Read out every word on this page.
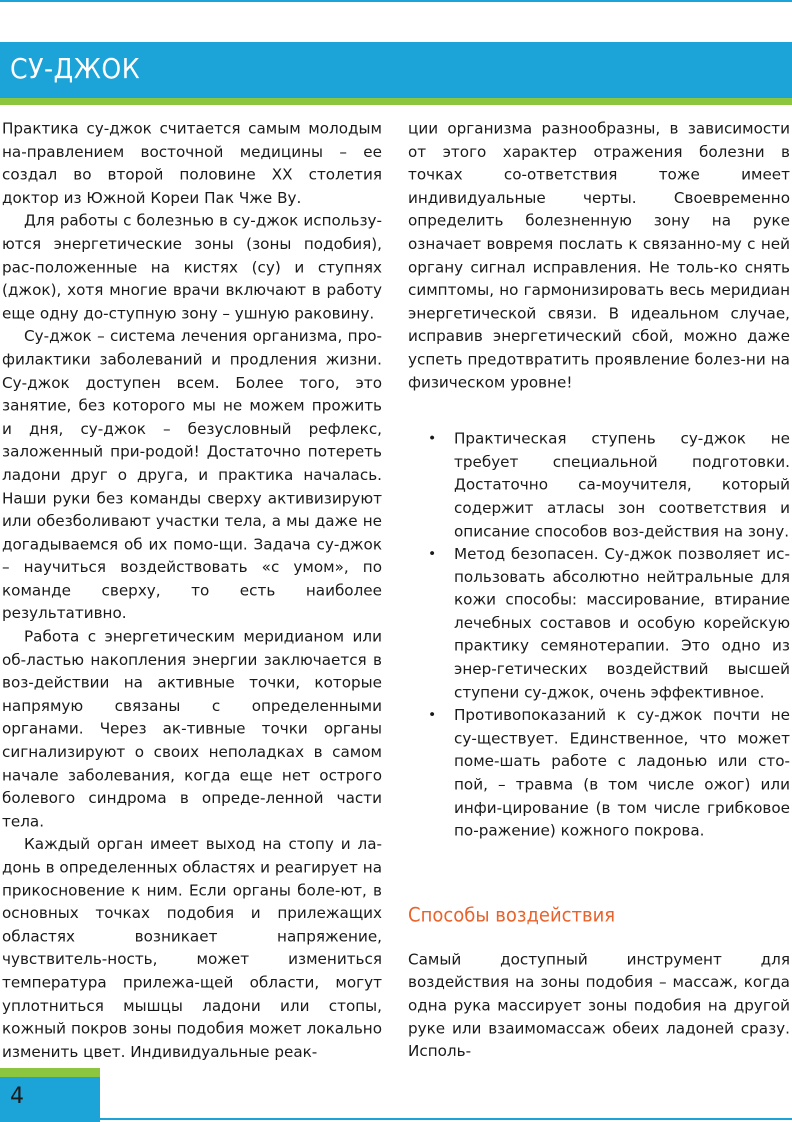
СУ-ДЖОК

Практика су-джок считается самым молодым на-правлением восточной медицины – ее создал во второй половине XX столетия доктор из Южной Кореи Пак Чже Ву.

Для работы с болезнью в су-джок использу-ются энергетические зоны (зоны подобия), рас-положенные на кистях (су) и ступнях (джок), хотя многие врачи включают в работу еще одну до-ступную зону – ушную раковину.

Су-джок – система лечения организма, про-филактики заболеваний и продления жизни. Су-джок доступен всем. Более того, это занятие, без которого мы не можем прожить и дня, су-джок – безусловный рефлекс, заложенный при-родой! Достаточно потереть ладони друг о друга, и практика началась. Наши руки без команды сверху активизируют или обезболивают участки тела, а мы даже не догадываемся об их помо-щи. Задача су-джок – научиться воздействовать «с умом», по команде сверху, то есть наиболее результативно.

Работа с энергетическим меридианом или об-ластью накопления энергии заключается в воз-действии на активные точки, которые напрямую связаны с определенными органами. Через ак-тивные точки органы сигнализируют о своих неполадках в самом начале заболевания, когда еще нет острого болевого синдрома в опреде-ленной части тела.

Каждый орган имеет выход на стопу и ла-донь в определенных областях и реагирует на прикосновение к ним. Если органы боле-ют, в основных точках подобия и прилежащих областях возникает напряжение, чувствитель-ность, может измениться температура прилежа-щей области, могут уплотниться мышцы ладони или стопы, кожный покров зоны подобия может локально изменить цвет. Индивидуальные реак-

ции организма разнообразны, в зависимости от этого характер отражения болезни в точках со-ответствия тоже имеет индивидуальные черты. Своевременно определить болезненную зону на руке означает вовремя послать к связанно-му с ней органу сигнал исправления. Не толь-ко снять симптомы, но гармонизировать весь меридиан энергетической связи. В идеальном случае, исправив энергетический сбой, можно даже успеть предотвратить проявление болез-ни на физическом уровне!

• Практическая ступень су-джок не требует специальной подготовки. Достаточно са-моучителя, который содержит атласы зон соответствия и описание способов воз-действия на зону.
• Метод безопасен. Су-джок позволяет ис-пользовать абсолютно нейтральные для кожи способы: массирование, втирание лечебных составов и особую корейскую практику семянотерапии. Это одно из энер-гетических воздействий высшей ступени су-джок, очень эффективное.
• Противопоказаний к су-джок почти не су-ществует. Единственное, что может поме-шать работе с ладонью или сто-пой, – травма (в том числе ожог) или инфи-цирование (в том числе грибковое по-ражение) кожного покрова.
Способы воздействия

Самый доступный инструмент для воздействия на зоны подобия – массаж, когда одна рука массирует зоны подобия на другой руке или взаимомассаж обеих ладоней сразу. Исполь-

4
